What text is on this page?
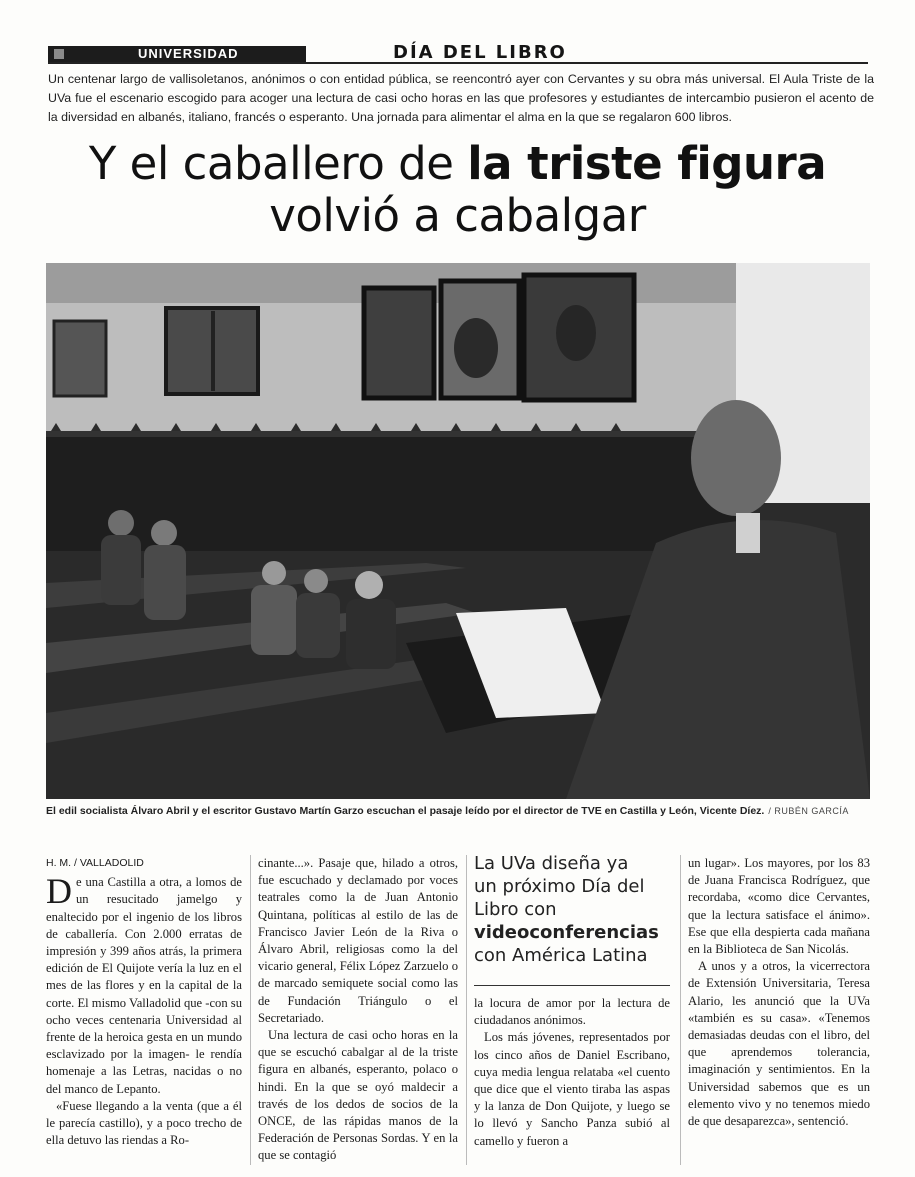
UNIVERSIDAD	DÍA DEL LIBRO
Un centenar largo de vallisoletanos, anónimos o con entidad pública, se reencontró ayer con Cervantes y su obra más universal. El Aula Triste de la UVa fue el escenario escogido para acoger una lectura de casi ocho horas en las que profesores y estudiantes de intercambio pusieron el acento de la diversidad en albanés, italiano, francés o esperanto. Una jornada para alimentar el alma en la que se regalaron 600 libros.
Y el caballero de la triste figura
volvió a cabalgar
El edil socialista Álvaro Abril y el escritor Gustavo Martín Garzo escuchan el pasaje leído por el director de TVE en Castilla y León, Vicente Díez. / RUBÉN GARCÍA
H. M. / VALLADOLID

De una Castilla a otra, a lomos de un resucitado jamelgo y enaltecido por el ingenio de los libros de caballería. Con 2.000 erratas de impresión y 399 años atrás, la primera edición de El Quijote vería la luz en el mes de las flores y en la capital de la corte. El mismo Valladolid que -con su ocho veces centenaria Universidad al frente de la heroica gesta en un mundo esclavizado por la imagen- le rendía homenaje a las Letras, nacidas o no del manco de Lepanto.

«Fuese llegando a la venta (que a él le parecía castillo), y a poco trecho de ella detuvo las riendas a Ro-

cinante...». Pasaje que, hilado a otros, fue escuchado y declamado por voces teatrales como la de Juan Antonio Quintana, políticas al estilo de las de Francisco Javier León de la Riva o Álvaro Abril, religiosas como la del vicario general, Félix López Zarzuelo o de marcado semiquete social como las de Fundación Triángulo o el Secretariado.

Una lectura de casi ocho horas en la que se escuchó cabalgar al de la triste figura en albanés, esperanto, polaco o hindi. En la que se oyó maldecir a través de los dedos de socios de la ONCE, de las rápidas manos de la Federación de Personas Sordas. Y en la que se contagió

La UVa diseña ya un próximo Día del Libro con videoconferencias con América Latina

la locura de amor por la lectura de ciudadanos anónimos.

Los más jóvenes, representados por los cinco años de Daniel Escribano, cuya media lengua relataba «el cuento que dice que el viento tiraba las aspas y la lanza de Don Quijote, y luego se lo llevó y Sancho Panza subió al camello y fueron a

un lugar». Los mayores, por los 83 de Juana Francisca Rodríguez, que recordaba, «como dice Cervantes, que la lectura satisface el ánimo». Ese que ella despierta cada mañana en la Biblioteca de San Nicolás.

A unos y a otros, la vicerrectora de Extensión Universitaria, Teresa Alario, les anunció que la UVa «también es su casa». «Tenemos demasiadas deudas con el libro, del que aprendemos tolerancia, imaginación y sentimientos. En la Universidad sabemos que es un elemento vivo y no tenemos miedo de que desaparezca», sentenció.
